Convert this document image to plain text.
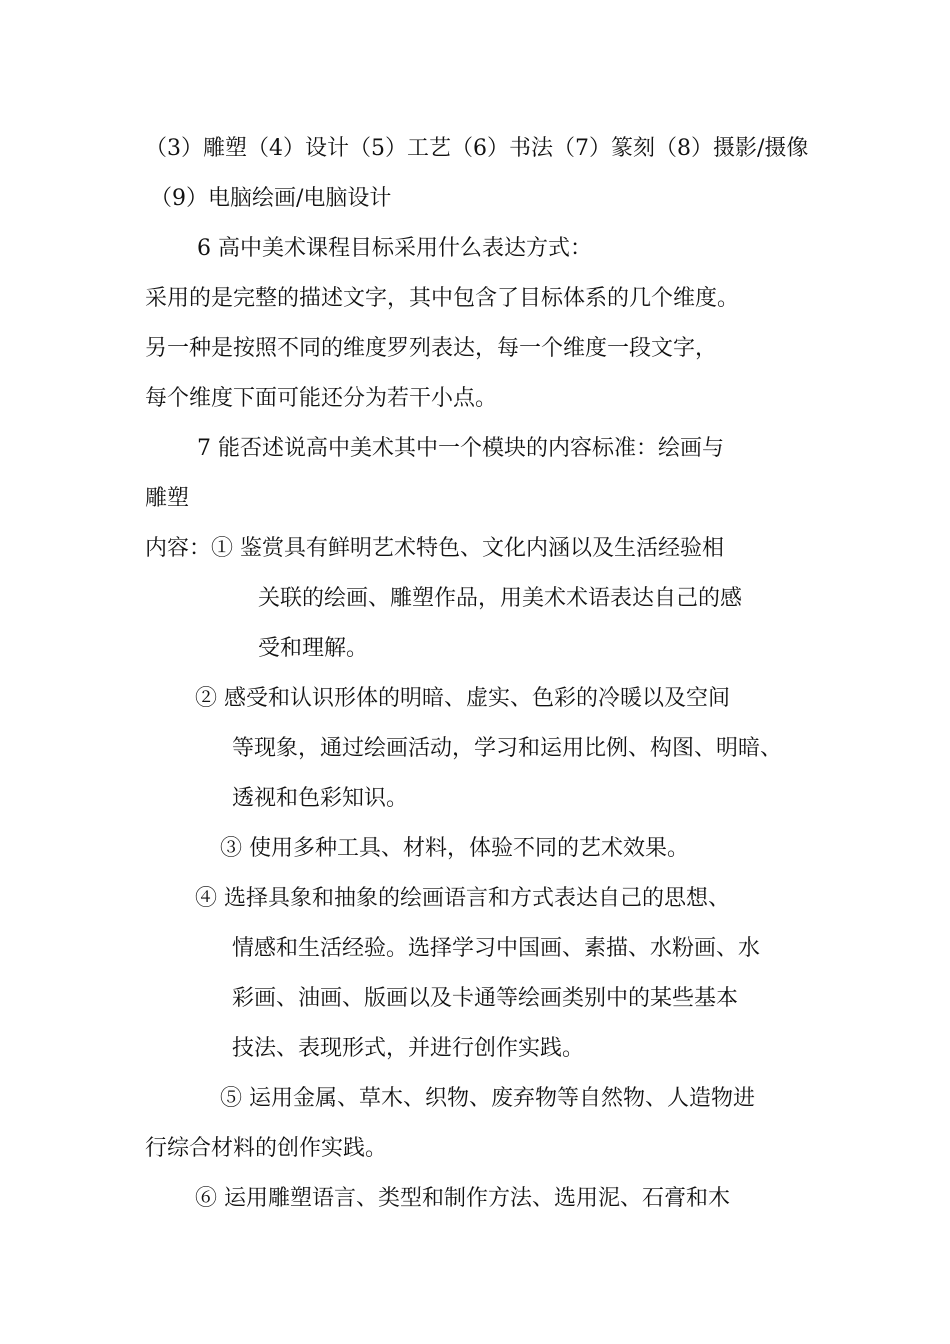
（3）雕塑（4）设计（5）工艺（6）书法（7）篆刻（8）摄影/摄像
（9）电脑绘画/电脑设计
6 高中美术课程目标采用什么表达方式：
采用的是完整的描述文字，其中包含了目标体系的几个维度。
另一种是按照不同的维度罗列表达，每一个维度一段文字，
每个维度下面可能还分为若干小点。
7 能否述说高中美术其中一个模块的内容标准：绘画与
雕塑
内容：① 鉴赏具有鲜明艺术特色、文化内涵以及生活经验相
关联的绘画、雕塑作品，用美术术语表达自己的感
受和理解。
② 感受和认识形体的明暗、虚实、色彩的冷暖以及空间
等现象，通过绘画活动，学习和运用比例、构图、明暗、
透视和色彩知识。
③ 使用多种工具、材料，体验不同的艺术效果。
④ 选择具象和抽象的绘画语言和方式表达自己的思想、
情感和生活经验。选择学习中国画、素描、水粉画、水
彩画、油画、版画以及卡通等绘画类别中的某些基本
技法、表现形式，并进行创作实践。
⑤ 运用金属、草木、织物、废弃物等自然物、人造物进
行综合材料的创作实践。
⑥ 运用雕塑语言、类型和制作方法、选用泥、石膏和木
